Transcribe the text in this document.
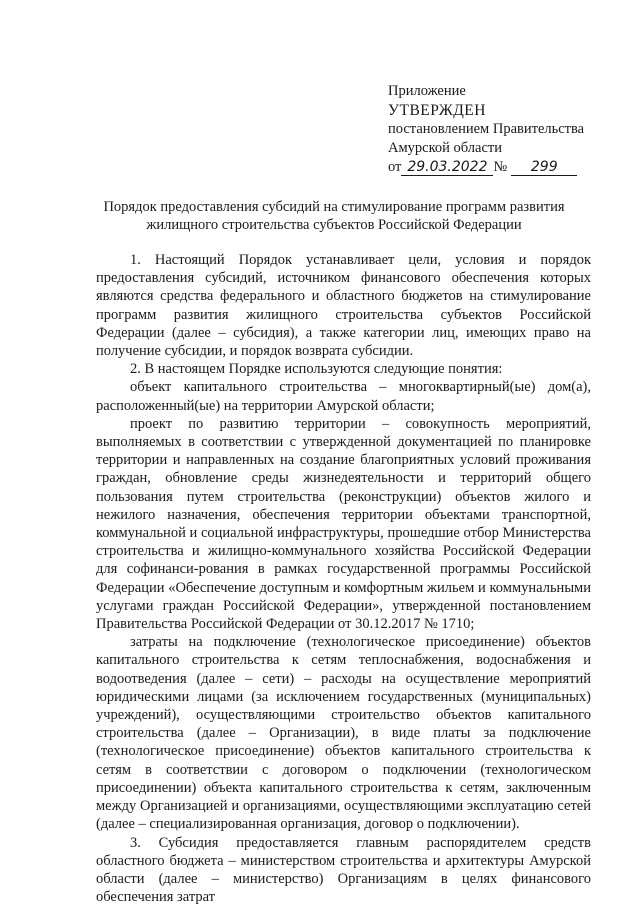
Приложение
УТВЕРЖДЕН
постановлением Правительства
Амурской области
от 29.03.2022 № 299
Порядок предоставления субсидий на стимулирование программ развития
жилищного строительства субъектов Российской Федерации

1. Настоящий Порядок устанавливает цели, условия и порядок предоставления субсидий, источником финансового обеспечения которых являются средства федерального и областного бюджетов на стимулирование программ развития жилищного строительства субъектов Российской Федерации (далее – субсидия), а также категории лиц, имеющих право на получение субсидии, и порядок возврата субсидии.

2. В настоящем Порядке используются следующие понятия:

объект капитального строительства – многоквартирный(ые) дом(а), расположенный(ые) на территории Амурской области;

проект по развитию территории – совокупность мероприятий, выполняемых в соответствии с утвержденной документацией по планировке территории и направленных на создание благоприятных условий проживания граждан, обновление среды жизнедеятельности и территорий общего пользования путем строительства (реконструкции) объектов жилого и нежилого назначения, обеспечения территории объектами транспортной, коммунальной и социальной инфраструктуры, прошедшие отбор Министерства строительства и жилищно-коммунального хозяйства Российской Федерации для софинанси-рования в рамках государственной программы Российской Федерации «Обеспечение доступным и комфортным жильем и коммунальными услугами граждан Российской Федерации», утвержденной постановлением Правительства Российской Федерации от 30.12.2017 № 1710;

затраты на подключение (технологическое присоединение) объектов капитального строительства к сетям теплоснабжения, водоснабжения и водоотведения (далее – сети) – расходы на осуществление мероприятий юридическими лицами (за исключением государственных (муниципальных) учреждений), осуществляющими строительство объектов капитального строительства (далее – Организации), в виде платы за подключение (технологическое присоединение) объектов капитального строительства к сетям в соответствии с договором о подключении (технологическом присоединении) объекта капитального строительства к сетям, заключенным между Организацией и организациями, осуществляющими эксплуатацию сетей (далее – специализированная организация, договор о подключении).

3. Субсидия предоставляется главным распорядителем средств областного бюджета – министерством строительства и архитектуры Амурской области (далее – министерство) Организациям в целях финансового обеспечения затрат
